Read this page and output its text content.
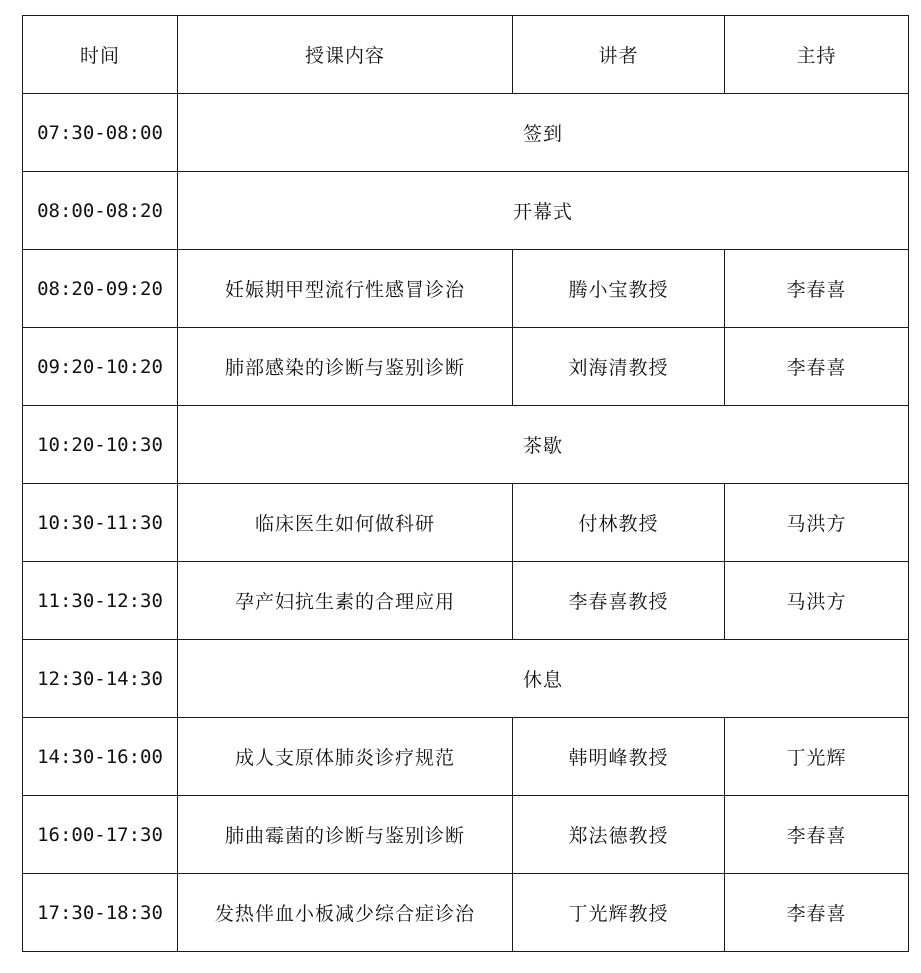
时间	授课内容	讲者	主持
07:30-08:00	签到		
08:00-08:20	开幕式		
08:20-09:20	妊娠期甲型流行性感冒诊治	腾小宝教授	李春喜
09:20-10:20	肺部感染的诊断与鉴别诊断	刘海清教授	李春喜
10:20-10:30	茶歇		
10:30-11:30	临床医生如何做科研	付林教授	马洪方
11:30-12:30	孕产妇抗生素的合理应用	李春喜教授	马洪方
12:30-14:30	休息		
14:30-16:00	成人支原体肺炎诊疗规范	韩明峰教授	丁光辉
16:00-17:30	肺曲霉菌的诊断与鉴别诊断	郑法德教授	李春喜
17:30-18:30	发热伴血小板减少综合症诊治	丁光辉教授	李春喜
